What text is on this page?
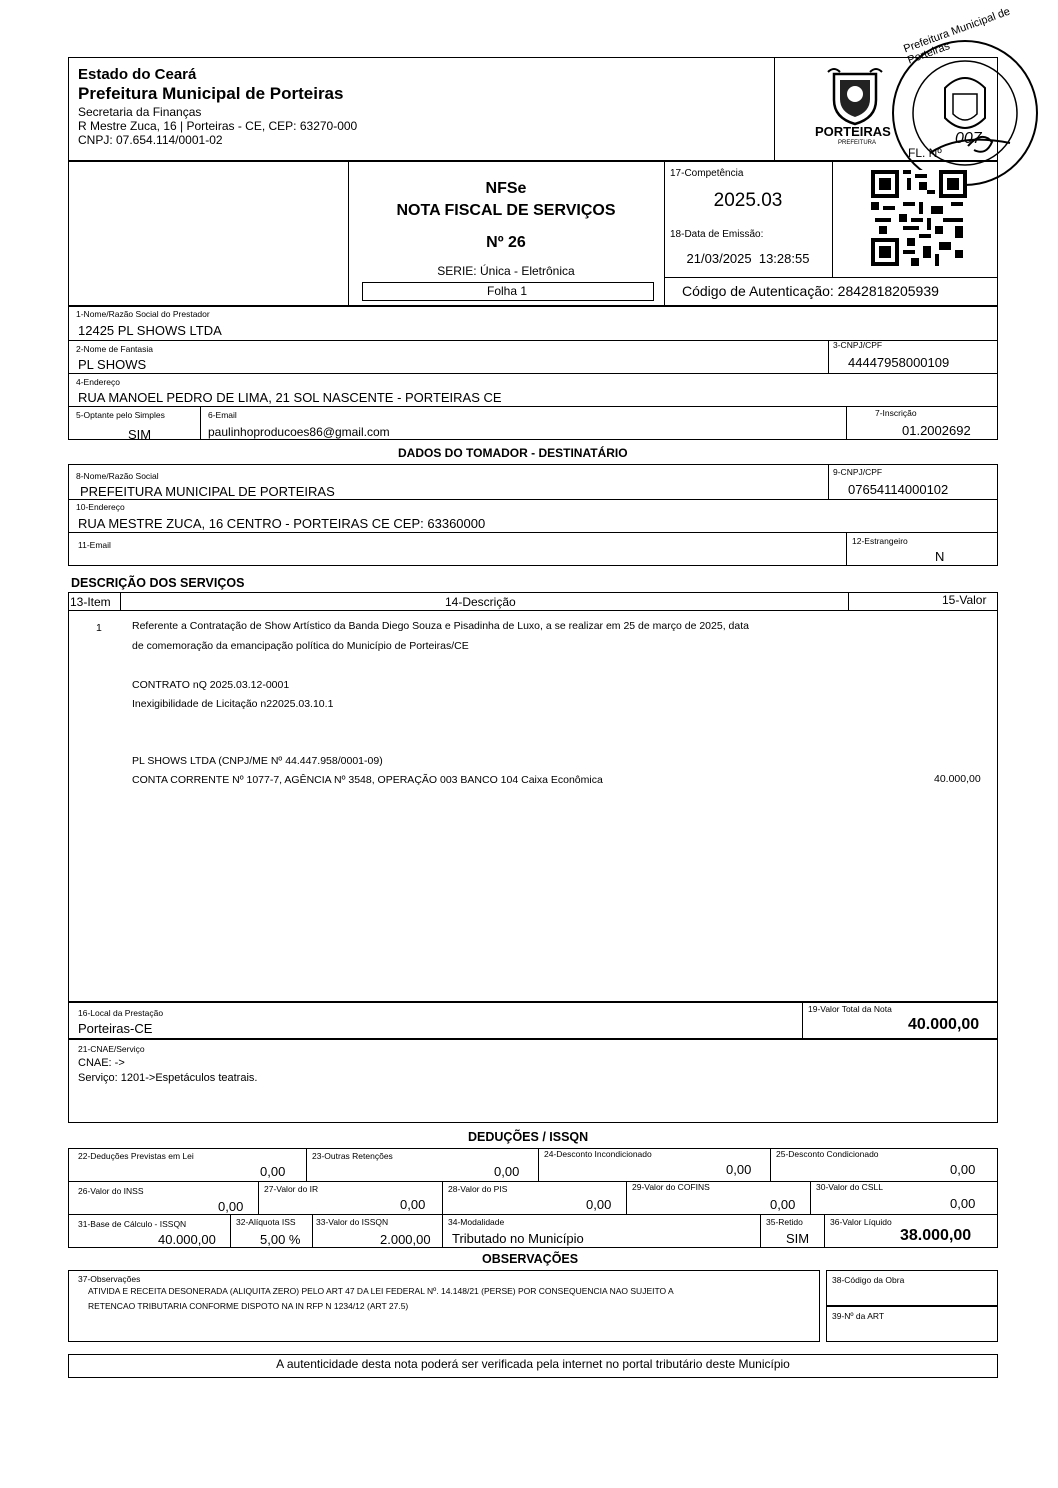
Estado do Ceará
Prefeitura Municipal de Porteiras
Secretaria da Finanças
R Mestre Zuca, 16 | Porteiras - CE, CEP: 63270-000
CNPJ: 07.654.114/0001-02
PORTEIRAS
PREFEITURA
Prefeitura Municipal de Porteiras
FL. Nº
007
NFSe
NOTA FISCAL DE SERVIÇOS
Nº 26
SERIE: Única - Eletrônica
Folha 1
17-Competência
2025.03
18-Data de Emissão:
21/03/2025  13:28:55
Código de Autenticação: 2842818205939
1-Nome/Razão Social do Prestador
12425 PL SHOWS LTDA
2-Nome de Fantasia
PL SHOWS
3-CNPJ/CPF
44447958000109
4-Endereço
RUA MANOEL PEDRO DE LIMA, 21 SOL NASCENTE - PORTEIRAS CE
5-Optante pelo Simples
SIM
6-Email
paulinhoproducoes86@gmail.com
7-Inscrição
01.2002692
DADOS DO TOMADOR - DESTINATÁRIO
8-Nome/Razão Social
PREFEITURA MUNICIPAL DE PORTEIRAS
9-CNPJ/CPF
07654114000102
10-Endereço
RUA MESTRE ZUCA, 16 CENTRO - PORTEIRAS CE CEP: 63360000
11-Email	12-Estrangeiro
N
DESCRIÇÃO DOS SERVIÇOS
13-Item	14-Descrição	15-Valor
1	Referente a Contratação de Show Artístico da Banda Diego Souza e Pisadinha de Luxo, a se realizar em 25 de março de 2025, data
de comemoração da emancipação política do Município de Porteiras/CE
CONTRATO nQ 2025.03.12-0001
Inexigibilidade de Licitação n22025.03.10.1
PL SHOWS LTDA (CNPJ/ME Nº 44.447.958/0001-09)
CONTA CORRENTE Nº 1077-7, AGÊNCIA Nº 3548, OPERAÇÃO 003 BANCO 104 Caixa Econômica	40.000,00
16-Local da Prestação
Porteiras-CE
19-Valor Total da Nota
40.000,00
21-CNAE/Serviço
CNAE: ->
Serviço: 1201->Espetáculos teatrais.
DEDUÇÕES / ISSQN
22-Deduções Previstas em Lei
0,00
23-Outras Retenções
0,00
24-Desconto Incondicionado
0,00
25-Desconto Condicionado
0,00
26-Valor do INSS
0,00
27-Valor do IR
0,00
28-Valor do PIS
0,00
29-Valor do COFINS
0,00
30-Valor do CSLL
0,00
31-Base de Cálculo - ISSQN
40.000,00
32-Alíquota ISS
5,00 %
33-Valor do ISSQN
2.000,00
34-Modalidade
Tributado no Município
35-Retido
SIM
36-Valor Líquido
38.000,00
OBSERVAÇÕES
37-Observações
ATIVIDA E RECEITA DESONERADA (ALIQUITA ZERO) PELO ART 47 DA LEI FEDERAL Nº. 14.148/21 (PERSE) POR CONSEQUENCIA NAO SUJEITO A
RETENCAO TRIBUTARIA CONFORME DISPOTO NA IN RFP N 1234/12 (ART 27.5)
38-Código da Obra
39-Nº da ART
A autenticidade desta nota poderá ser verificada pela internet no portal tributário deste Município
